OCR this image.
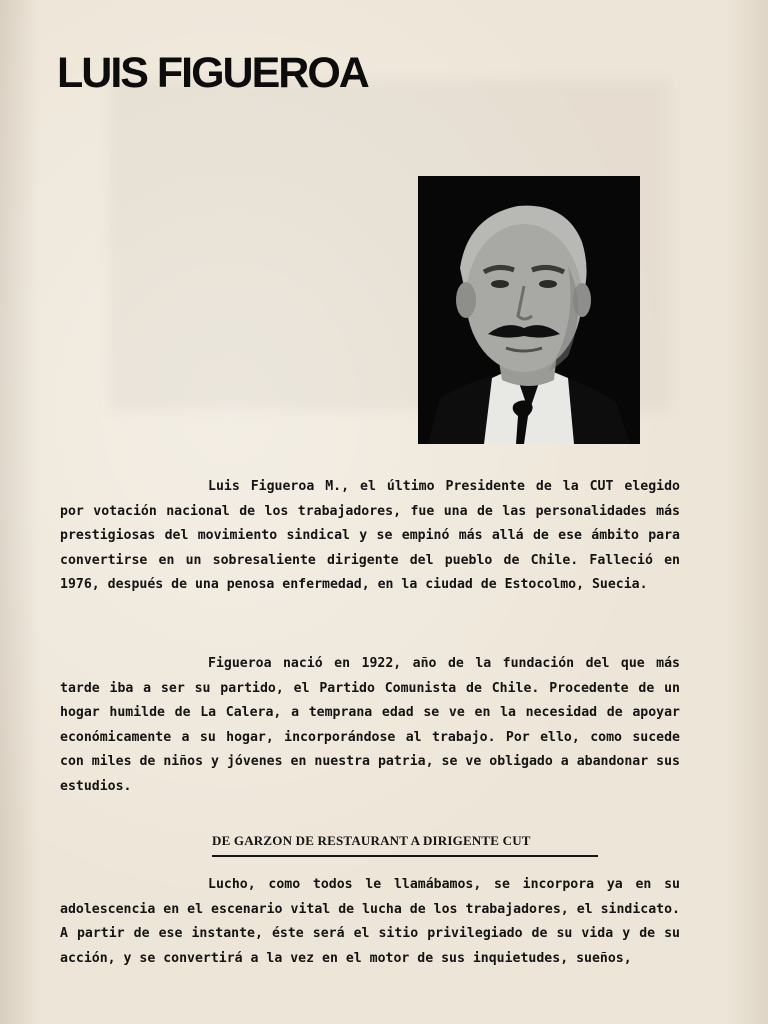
LUIS FIGUEROA

Luis Figueroa M., el último Presidente de la CUT elegido por votación nacional de los trabajadores, fue una de las personalidades más prestigiosas del movimiento sindical y se empinó más allá de ese ámbito para convertirse en un sobresaliente dirigente del pueblo de Chile. Falleció en 1976, después de una penosa enfermedad, en la ciudad de Estocolmo, Suecia.

Figueroa nació en 1922, año de la fundación del que más tarde iba a ser su partido, el Partido Comunista de Chile. Procedente de un hogar humilde de La Calera, a temprana edad se ve en la necesidad de apoyar económicamente a su hogar, incorporándose al trabajo. Por ello, como sucede con miles de niños y jóvenes en nuestra patria, se ve obligado a abandonar sus estudios.

DE GARZON DE RESTAURANT A DIRIGENTE CUT

Lucho, como todos le llamábamos, se incorpora ya en su adolescencia en el escenario vital de lucha de los trabajadores, el sindicato. A partir de ese instante, éste será el sitio privilegiado de su vida y de su acción, y se convertirá a la vez en el motor de sus inquietudes, sueños,
